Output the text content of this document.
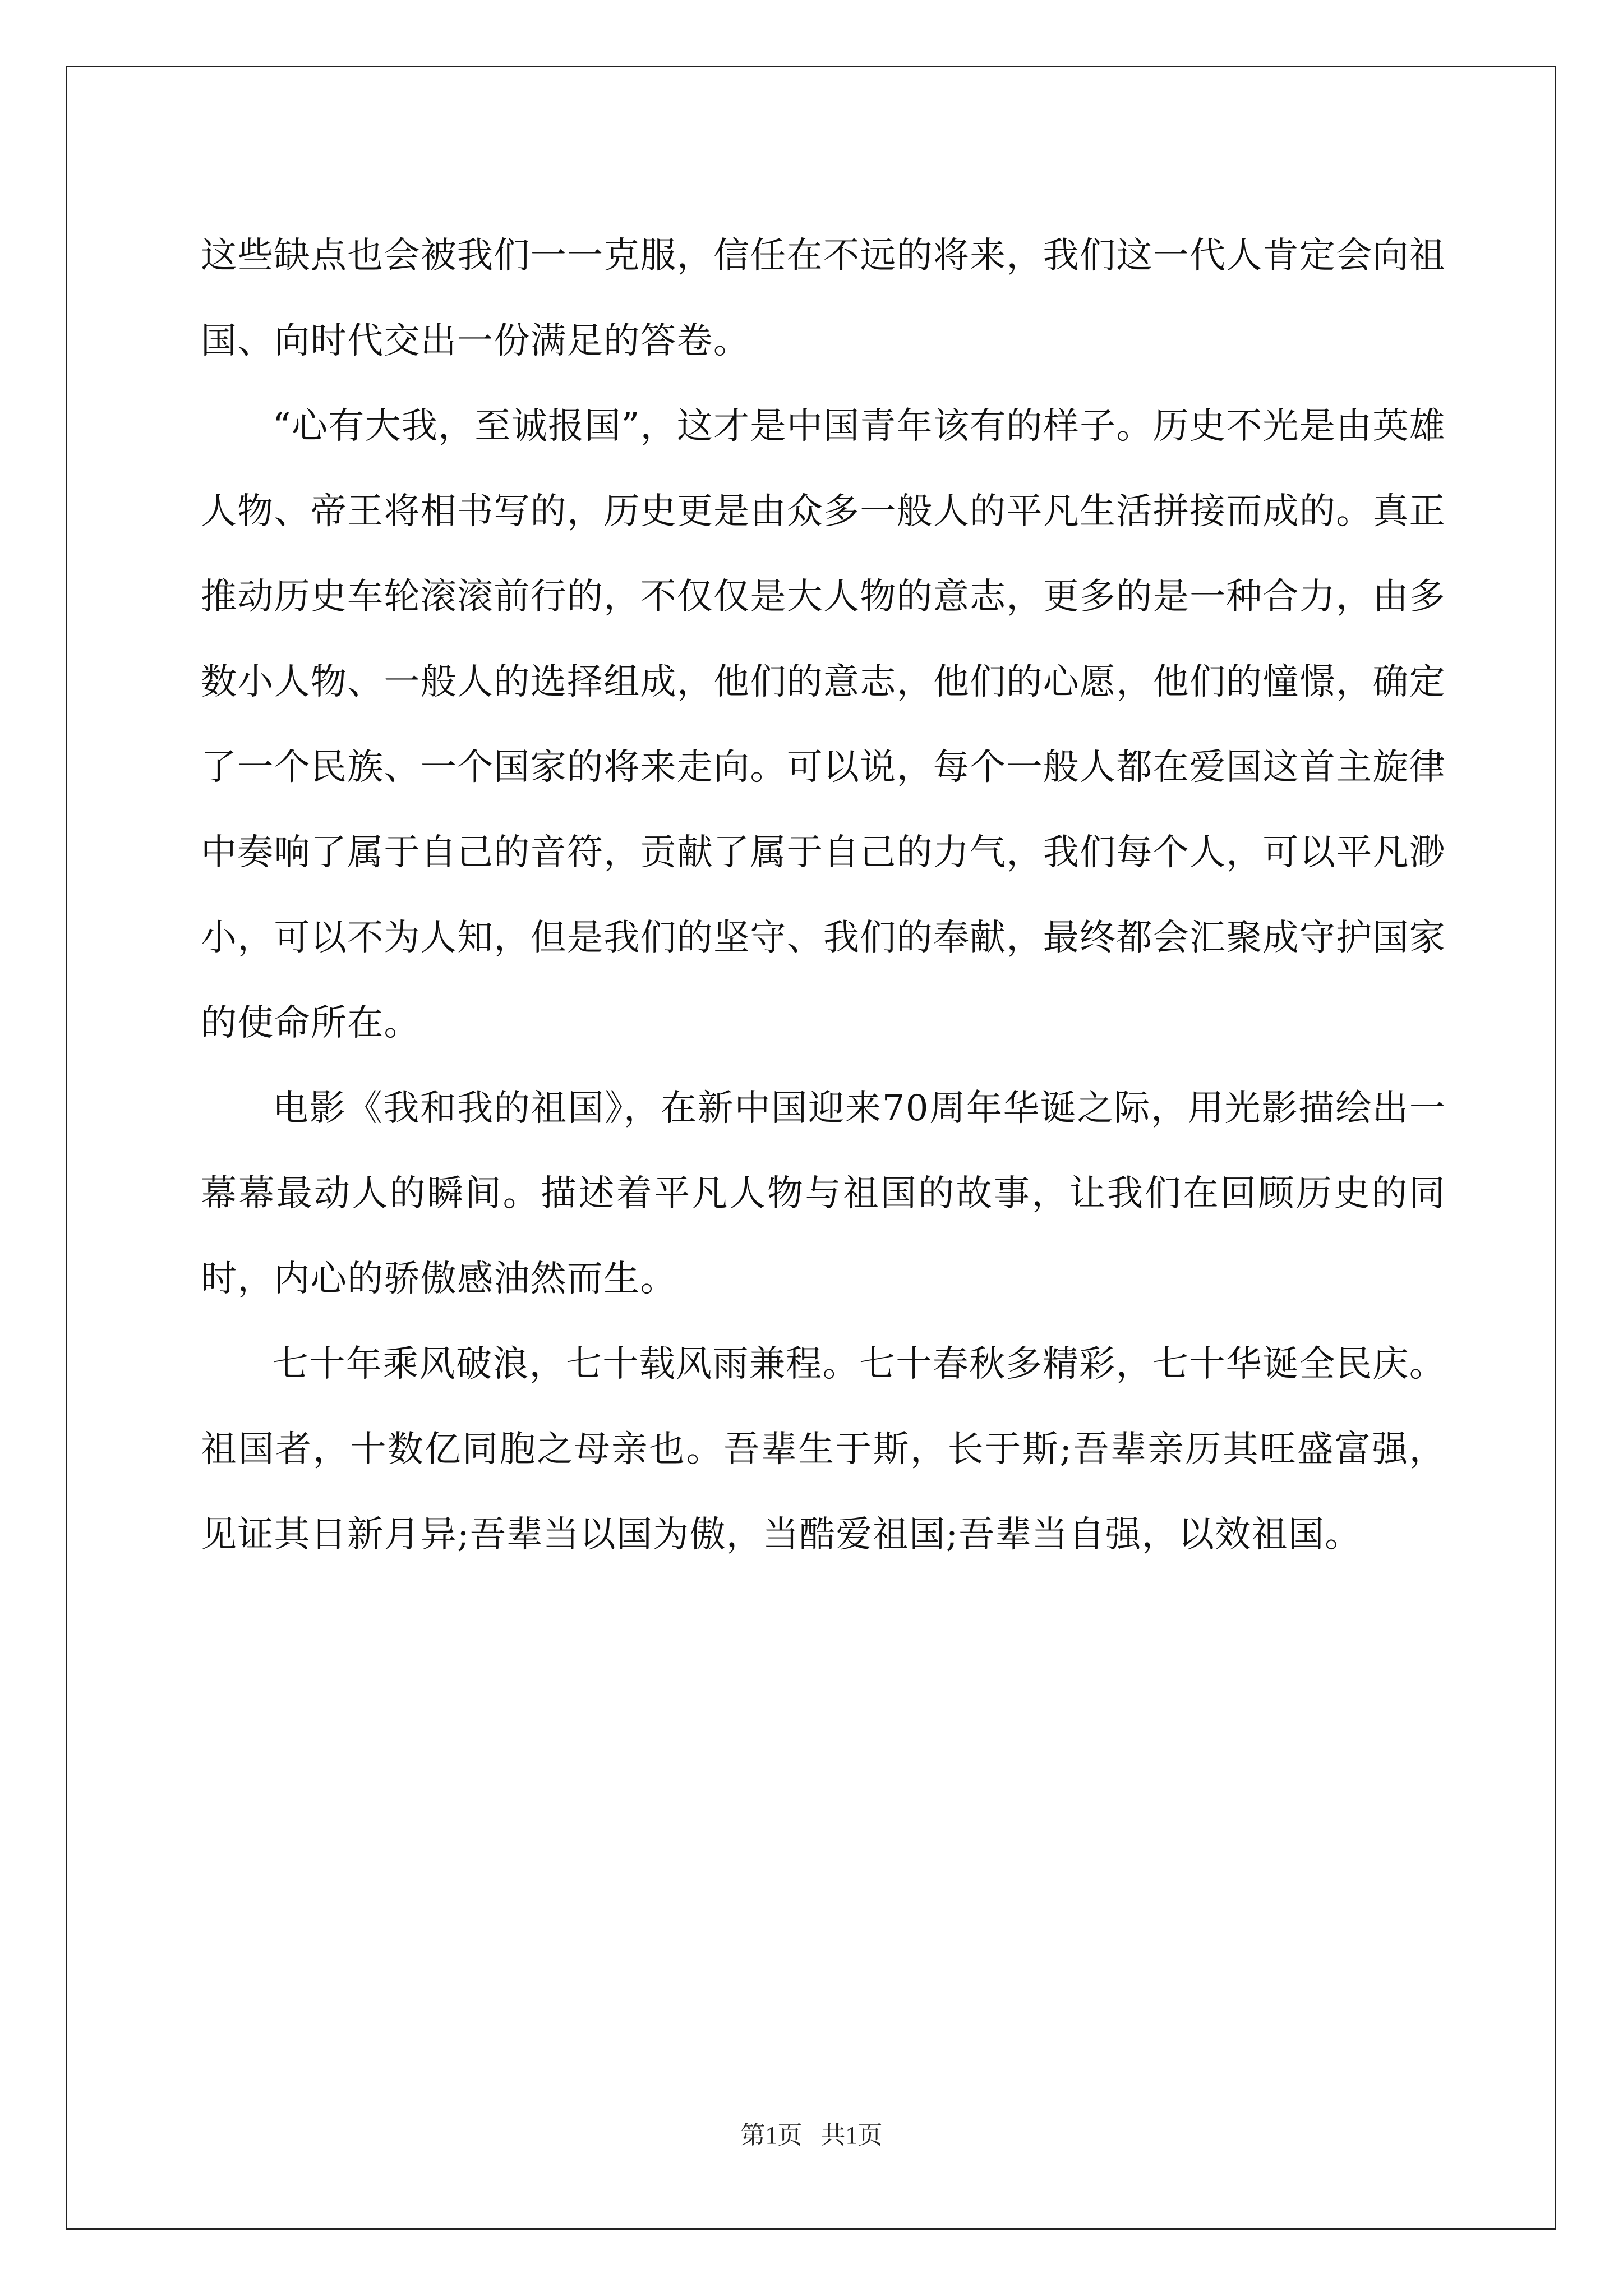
这些缺点也会被我们一一克服，信任在不远的将来，我们这一代人肯定会向祖国、向时代交出一份满足的答卷。

“心有大我，至诚报国”，这才是中国青年该有的样子。历史不光是由英雄人物、帝王将相书写的，历史更是由众多一般人的平凡生活拼接而成的。真正推动历史车轮滚滚前行的，不仅仅是大人物的意志，更多的是一种合力，由多数小人物、一般人的选择组成，他们的意志，他们的心愿，他们的憧憬，确定了一个民族、一个国家的将来走向。可以说，每个一般人都在爱国这首主旋律中奏响了属于自己的音符，贡献了属于自己的力气，我们每个人，可以平凡渺小，可以不为人知，但是我们的坚守、我们的奉献，最终都会汇聚成守护国家的使命所在。

电影《我和我的祖国》，在新中国迎来70周年华诞之际，用光影描绘出一幕幕最动人的瞬间。描述着平凡人物与祖国的故事，让我们在回顾历史的同时，内心的骄傲感油然而生。

七十年乘风破浪，七十载风雨兼程。七十春秋多精彩，七十华诞全民庆。祖国者，十数亿同胞之母亲也。吾辈生于斯，长于斯;吾辈亲历其旺盛富强，见证其日新月异;吾辈当以国为傲，当酷爱祖国;吾辈当自强，以效祖国。

第1页 共1页
